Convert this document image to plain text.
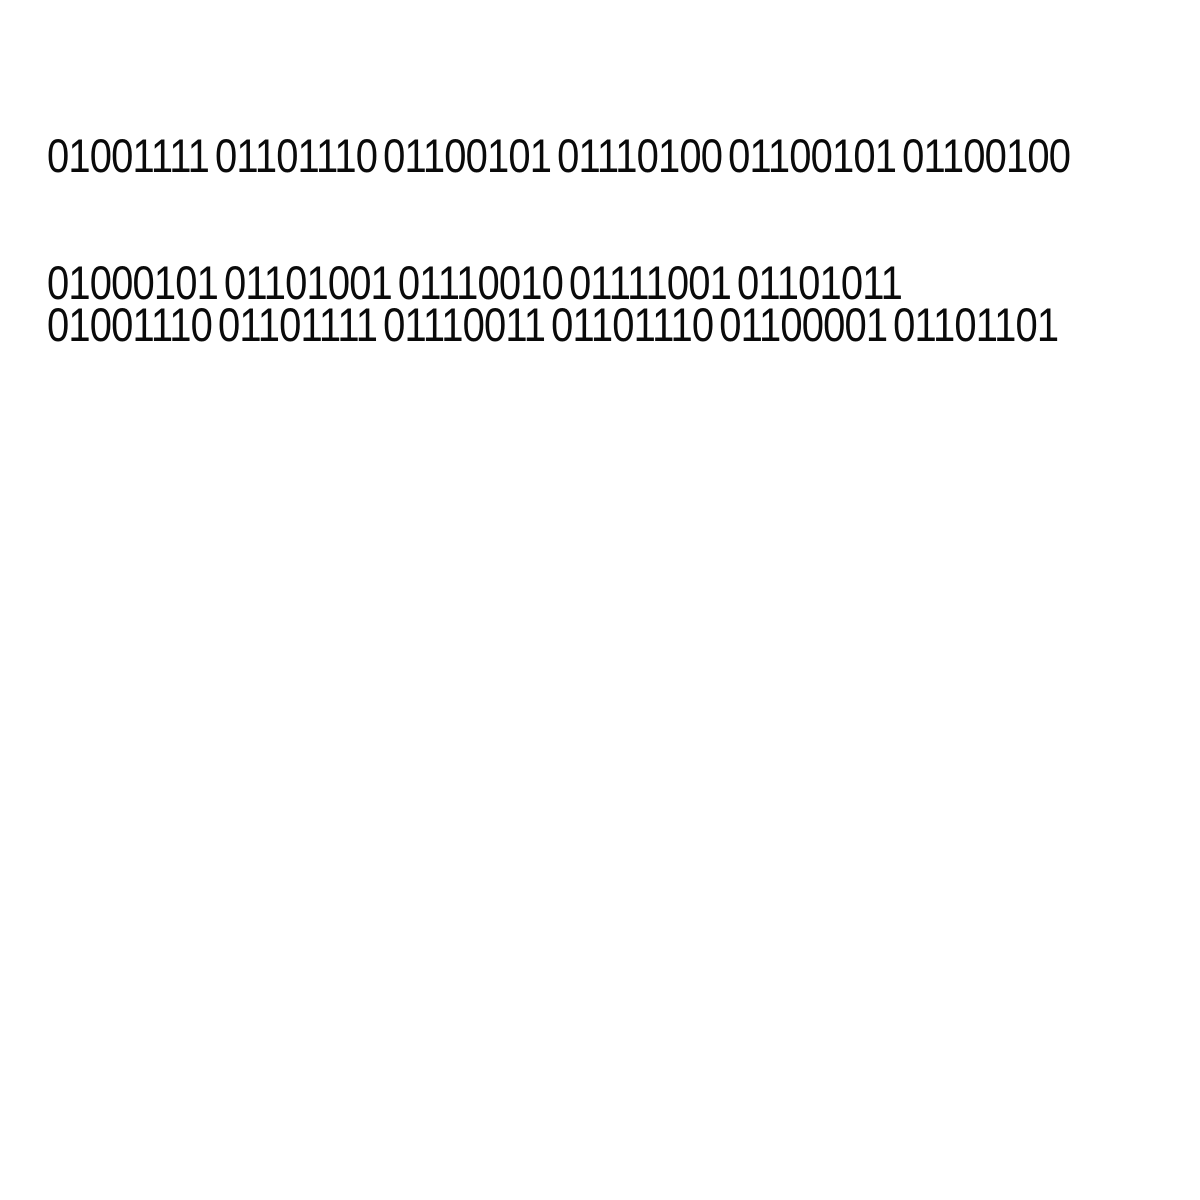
01001111 01101110 01100101 01110100 01100101 01100100
01000101 01101001 01110010 01111001 01101011
01001110 01101111 01110011 01101110 01100001 01101101
